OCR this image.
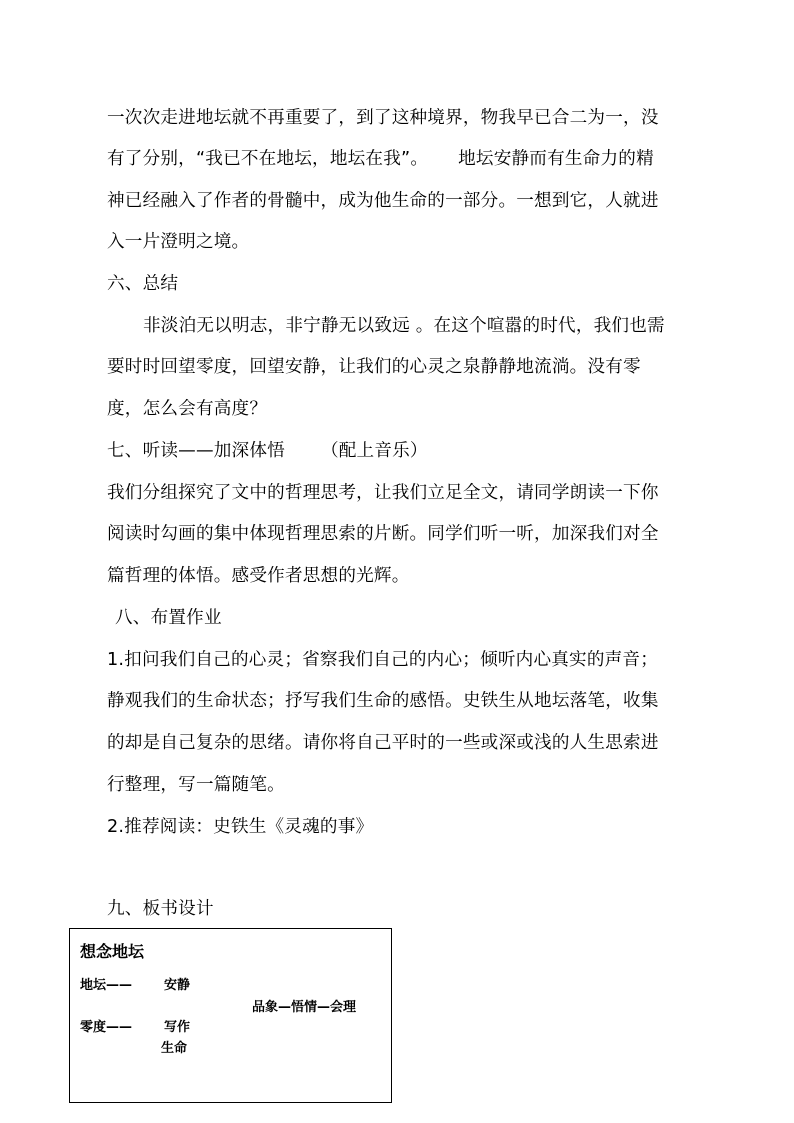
一次次走进地坛就不再重要了，到了这种境界，物我早已合二为一，没
有了分别，“我已不在地坛，地坛在我”。 地坛安静而有生命力的精
神已经融入了作者的骨髓中，成为他生命的一部分。一想到它，人就进
入一片澄明之境。
六、总结
非淡泊无以明志，非宁静无以致远 。在这个喧嚣的时代，我们也需
要时时回望零度，回望安静，让我们的心灵之泉静静地流淌。没有零
度，怎么会有高度？
七、听读——加深体悟 （配上音乐）
我们分组探究了文中的哲理思考，让我们立足全文，请同学朗读一下你
阅读时勾画的集中体现哲理思索的片断。同学们听一听，加深我们对全
篇哲理的体悟。感受作者思想的光辉。
八、布置作业
1.扣问我们自己的心灵；省察我们自己的内心；倾听内心真实的声音；
静观我们的生命状态；抒写我们生命的感悟。史铁生从地坛落笔，收集
的却是自己复杂的思绪。请你将自己平时的一些或深或浅的人生思索进
行整理，写一篇随笔。
2.推荐阅读：史铁生《灵魂的事》
九、板书设计
想念地坛
地坛—— 安静
品象—悟情—会理
零度—— 写作
生命
